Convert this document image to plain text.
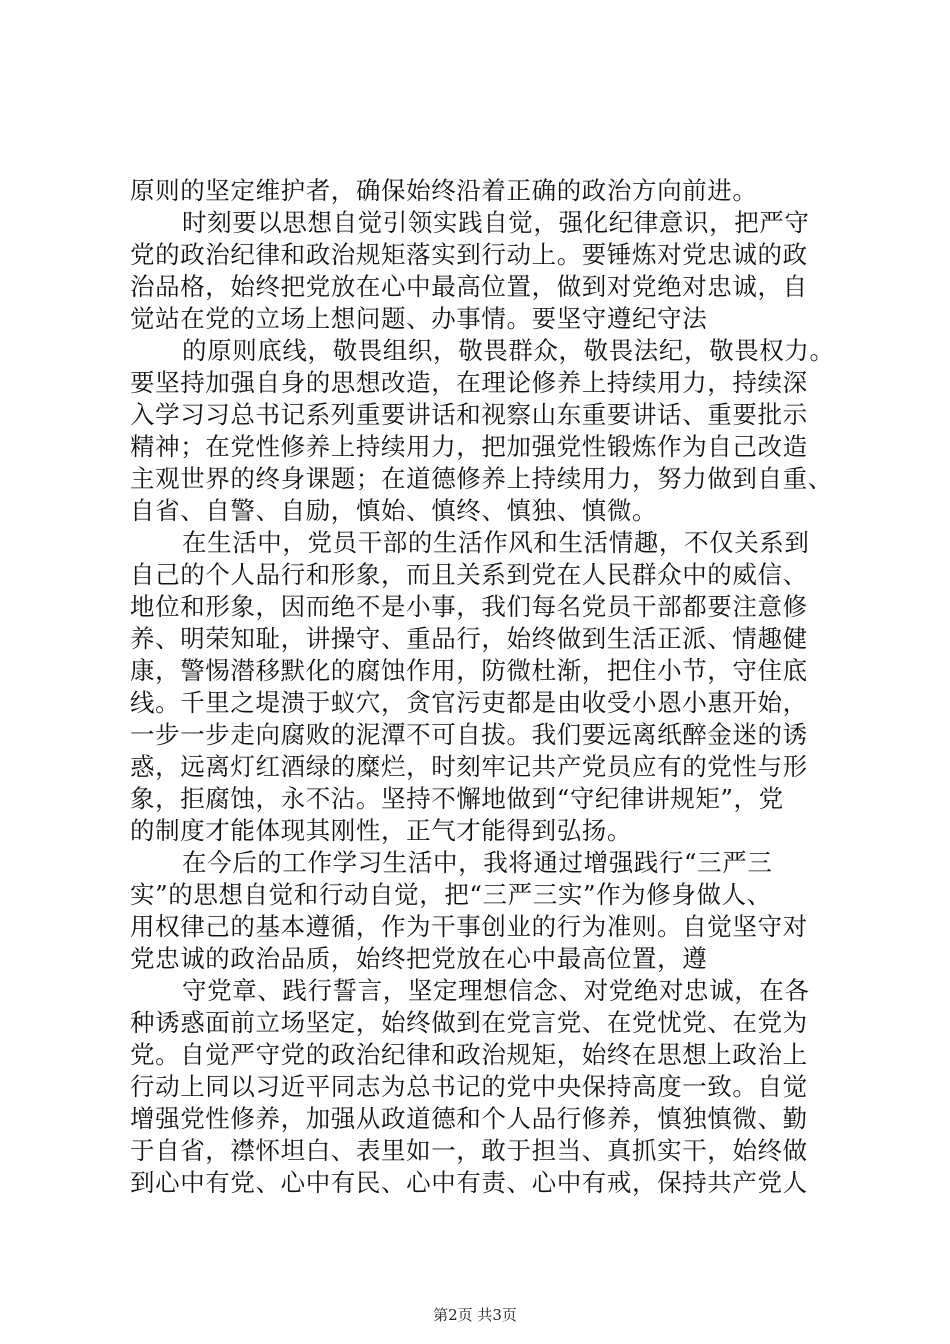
原则的坚定维护者，确保始终沿着正确的政治方向前进。
时刻要以思想自觉引领实践自觉，强化纪律意识，把严守
党的政治纪律和政治规矩落实到行动上。要锤炼对党忠诚的政
治品格，始终把党放在心中最高位置，做到对党绝对忠诚，自
觉站在党的立场上想问题、办事情。要坚守遵纪守法
的原则底线，敬畏组织，敬畏群众，敬畏法纪，敬畏权力。
要坚持加强自身的思想改造，在理论修养上持续用力，持续深
入学习习总书记系列重要讲话和视察山东重要讲话、重要批示
精神；在党性修养上持续用力，把加强党性锻炼作为自己改造
主观世界的终身课题；在道德修养上持续用力，努力做到自重、
自省、自警、自励，慎始、慎终、慎独、慎微。
在生活中，党员干部的生活作风和生活情趣，不仅关系到
自己的个人品行和形象，而且关系到党在人民群众中的威信、
地位和形象，因而绝不是小事，我们每名党员干部都要注意修
养、明荣知耻，讲操守、重品行，始终做到生活正派、情趣健
康，警惕潜移默化的腐蚀作用，防微杜渐，把住小节，守住底
线。千里之堤溃于蚁穴，贪官污吏都是由收受小恩小惠开始，
一步一步走向腐败的泥潭不可自拔。我们要远离纸醉金迷的诱
惑，远离灯红酒绿的糜烂，时刻牢记共产党员应有的党性与形
象，拒腐蚀，永不沾。坚持不懈地做到“守纪律讲规矩”，党
的制度才能体现其刚性，正气才能得到弘扬。
在今后的工作学习生活中，我将通过增强践行“三严三
实”的思想自觉和行动自觉，把“三严三实”作为修身做人、
用权律己的基本遵循，作为干事创业的行为准则。自觉坚守对
党忠诚的政治品质，始终把党放在心中最高位置，遵
守党章、践行誓言，坚定理想信念、对党绝对忠诚，在各
种诱惑面前立场坚定，始终做到在党言党、在党忧党、在党为
党。自觉严守党的政治纪律和政治规矩，始终在思想上政治上
行动上同以习近平同志为总书记的党中央保持高度一致。自觉
增强党性修养，加强从政道德和个人品行修养，慎独慎微、勤
于自省，襟怀坦白、表里如一，敢于担当、真抓实干，始终做
到心中有党、心中有民、心中有责、心中有戒，保持共产党人
第2页 共3页
